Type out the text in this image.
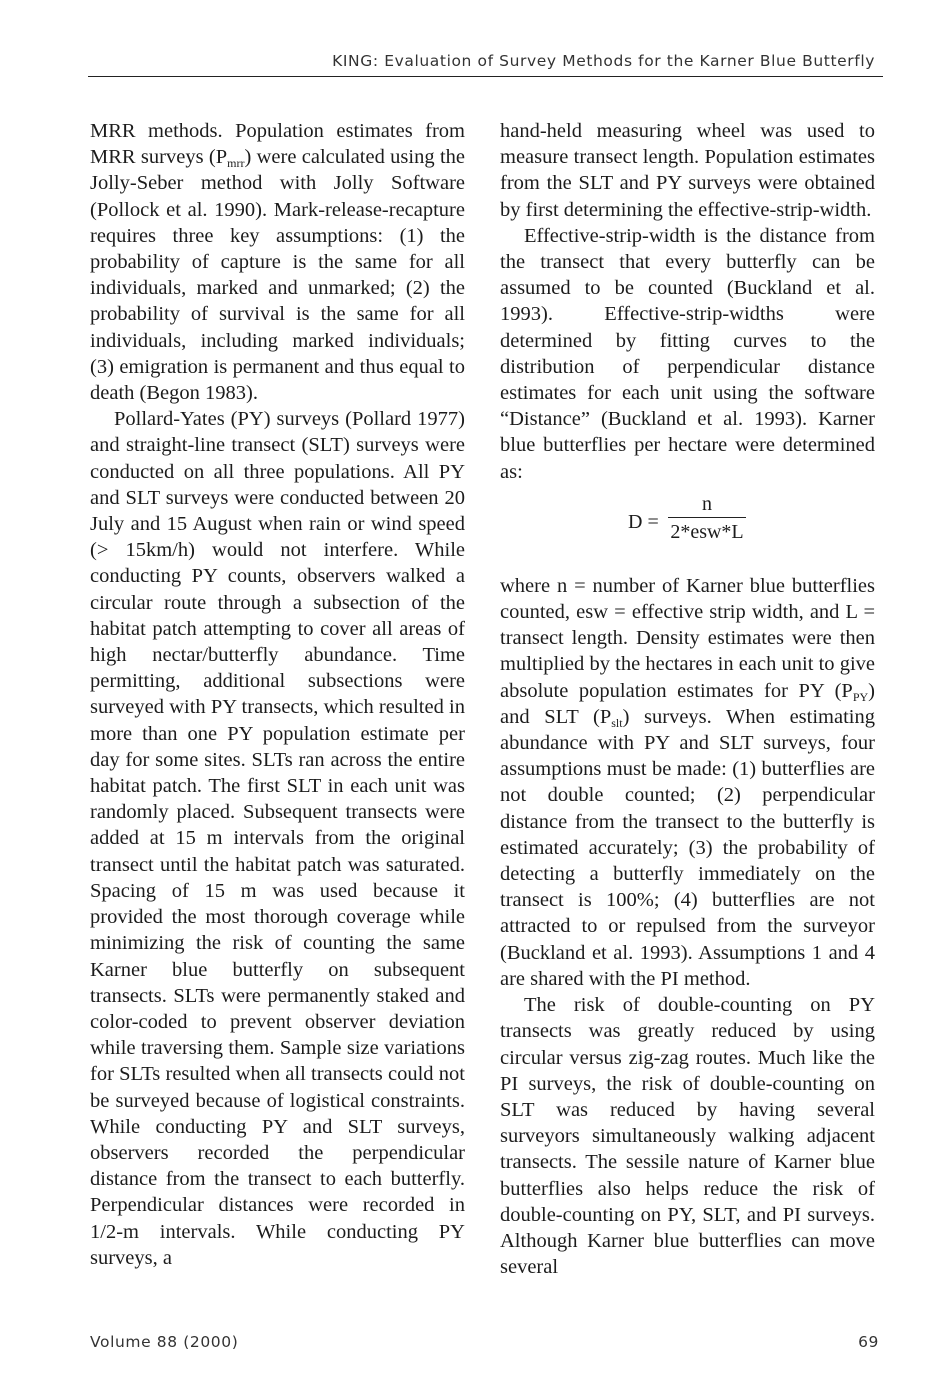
KING: Evaluation of Survey Methods for the Karner Blue Butterfly

MRR methods. Population estimates from MRR surveys $(P_{mrr})$ were calculated using the Jolly-Seber method with Jolly Software (Pollock et al. 1990). Mark-release-recapture requires three key assumptions: (1) the probability of capture is the same for all individuals, marked and unmarked; (2) the probability of survival is the same for all individuals, including marked individuals; (3) emigration is permanent and thus equal to death (Begon 1983).

Pollard-Yates (PY) surveys (Pollard 1977) and straight-line transect (SLT) surveys were conducted on all three populations. All PY and SLT surveys were conducted between 20 July and 15 August when rain or wind speed (> 15km/h) would not interfere. While conducting PY counts, observers walked a circular route through a subsection of the habitat patch attempting to cover all areas of high nectar/butterfly abundance. Time permitting, additional subsections were surveyed with PY transects, which resulted in more than one PY population estimate per day for some sites. SLTs ran across the entire habitat patch. The first SLT in each unit was randomly placed. Subsequent transects were added at 15 m intervals from the original transect until the habitat patch was saturated. Spacing of 15 m was used because it provided the most thorough coverage while minimizing the risk of counting the same Karner blue butterfly on subsequent transects. SLTs were permanently staked and color-coded to prevent observer deviation while traversing them. Sample size variations for SLTs resulted when all transects could not be surveyed because of logistical constraints. While conducting PY and SLT surveys, observers recorded the perpendicular distance from the transect to each butterfly. Perpendicular distances were recorded in 1/2-m intervals. While conducting PY surveys, a

hand-held measuring wheel was used to measure transect length. Population estimates from the SLT and PY surveys were obtained by first determining the effective-strip-width.

Effective-strip-width is the distance from the transect that every butterfly can be assumed to be counted (Buckland et al. 1993). Effective-strip-widths were determined by fitting curves to the distribution of perpendicular distance estimates for each unit using the software “Distance” (Buckland et al. 1993). Karner blue butterflies per hectare were determined as:

D =
n
2*esw*L

where n = number of Karner blue butterflies counted, esw = effective strip width, and L = transect length. Density estimates were then multiplied by the hectares in each unit to give absolute population estimates for PY $(P_{PY})$ and SLT $(P_{slt})$ surveys. When estimating abundance with PY and SLT surveys, four assumptions must be made: (1) butterflies are not double counted; (2) perpendicular distance from the transect to the butterfly is estimated accurately; (3) the probability of detecting a butterfly immediately on the transect is 100%; (4) butterflies are not attracted to or repulsed from the surveyor (Buckland et al. 1993). Assumptions 1 and 4 are shared with the PI method.

The risk of double-counting on PY transects was greatly reduced by using circular versus zig-zag routes. Much like the PI surveys, the risk of double-counting on SLT was reduced by having several surveyors simultaneously walking adjacent transects. The sessile nature of Karner blue butterflies also helps reduce the risk of double-counting on PY, SLT, and PI surveys. Although Karner blue butterflies can move several

Volume 88 (2000)	69
